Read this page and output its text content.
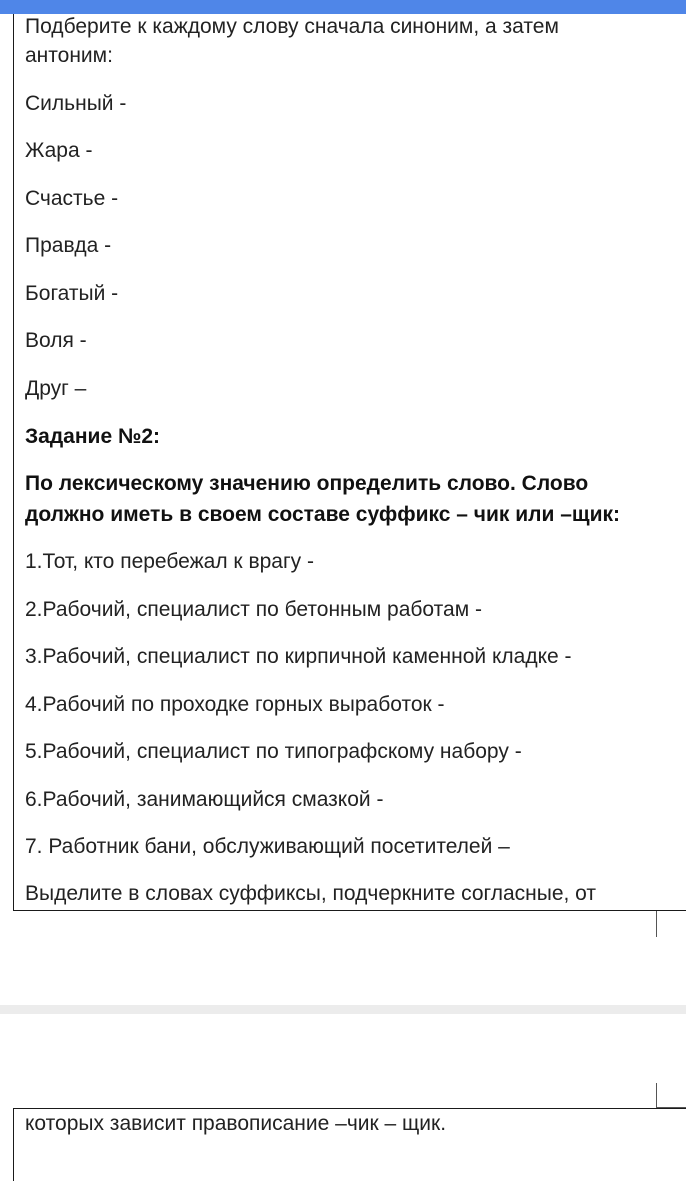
Подберите к каждому слову сначала синоним, а затем
антоним:
Сильный -
Жара -
Счастье -
Правда -
Богатый -
Воля -
Друг –
Задание №2:
По лексическому значению определить слово. Слово
должно иметь в своем составе суффикс – чик или –щик:
1.Тот, кто перебежал к врагу -
2.Рабочий, специалист по бетонным работам -
3.Рабочий, специалист по кирпичной каменной кладке -
4.Рабочий по проходке горных выработок -
5.Рабочий, специалист по типографскому набору -
6.Рабочий, занимающийся смазкой -
7. Работник бани, обслуживающий посетителей –
Выделите в словах суффиксы, подчеркните согласные, от
которых зависит правописание –чик – щик.
